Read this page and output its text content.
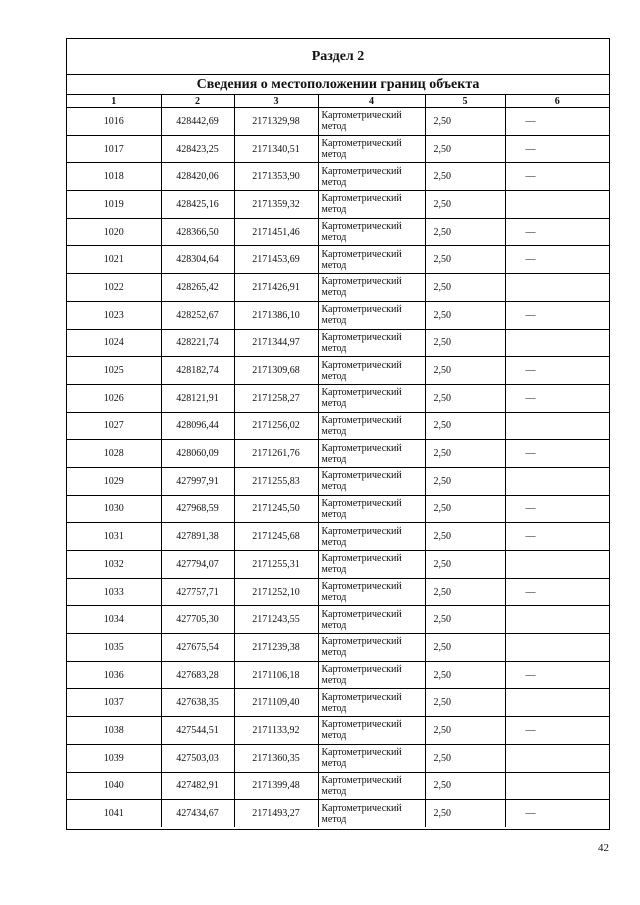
Раздел 2
Сведения о местоположении границ объекта
1	2	3	4	5	6
1016	428442,69	2171329,98	Картометрический метод	2,50	—
1017	428423,25	2171340,51	Картометрический метод	2,50	—
1018	428420,06	2171353,90	Картометрический метод	2,50	—
1019	428425,16	2171359,32	Картометрический метод	2,50	
1020	428366,50	2171451,46	Картометрический метод	2,50	—
1021	428304,64	2171453,69	Картометрический метод	2,50	—
1022	428265,42	2171426,91	Картометрический метод	2,50	
1023	428252,67	2171386,10	Картометрический метод	2,50	—
1024	428221,74	2171344,97	Картометрический метод	2,50	
1025	428182,74	2171309,68	Картометрический метод	2,50	—
1026	428121,91	2171258,27	Картометрический метод	2,50	—
1027	428096,44	2171256,02	Картометрический метод	2,50	
1028	428060,09	2171261,76	Картометрический метод	2,50	—
1029	427997,91	2171255,83	Картометрический метод	2,50	
1030	427968,59	2171245,50	Картометрический метод	2,50	—
1031	427891,38	2171245,68	Картометрический метод	2,50	—
1032	427794,07	2171255,31	Картометрический метод	2,50	
1033	427757,71	2171252,10	Картометрический метод	2,50	—
1034	427705,30	2171243,55	Картометрический метод	2,50	
1035	427675,54	2171239,38	Картометрический метод	2,50	
1036	427683,28	2171106,18	Картометрический метод	2,50	—
1037	427638,35	2171109,40	Картометрический метод	2,50	
1038	427544,51	2171133,92	Картометрический метод	2,50	—
1039	427503,03	2171360,35	Картометрический метод	2,50	
1040	427482,91	2171399,48	Картометрический метод	2,50	
1041	427434,67	2171493,27	Картометрический метод	2,50	—
42
